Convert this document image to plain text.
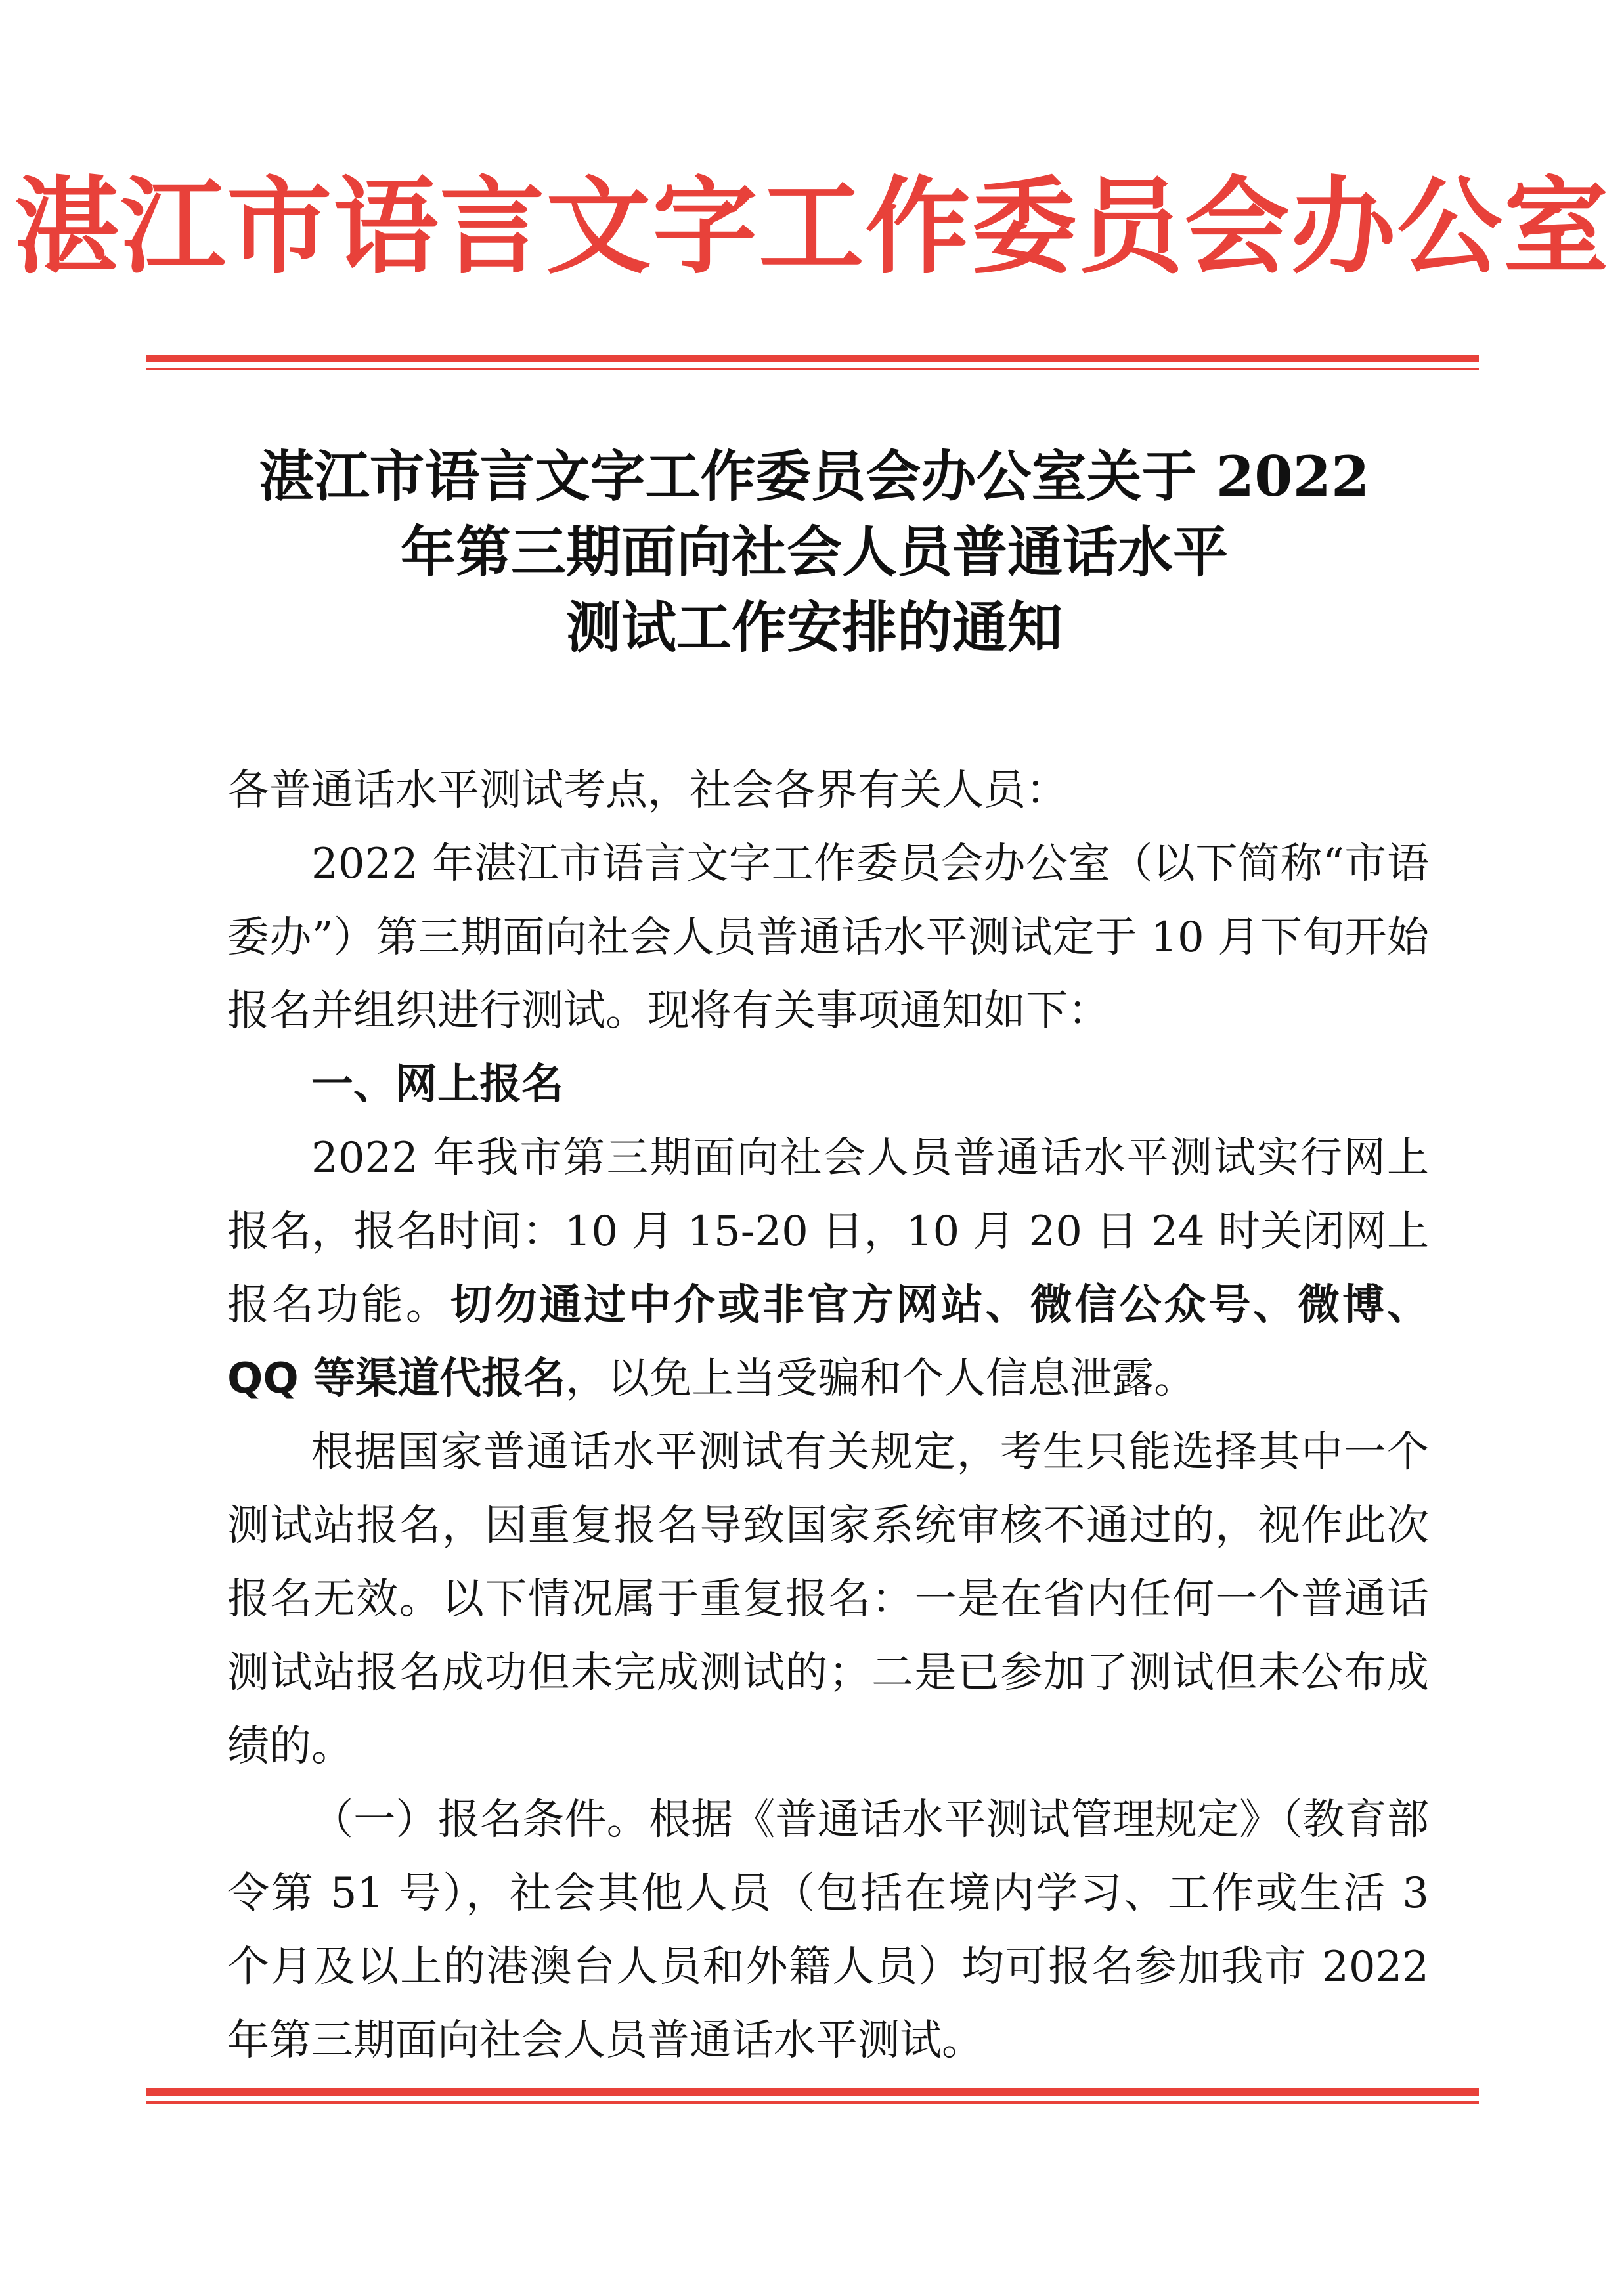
湛江市语言文字工作委员会办公室
湛江市语言文字工作委员会办公室关于 2022
年第三期面向社会人员普通话水平
测试工作安排的通知

各普通话水平测试考点，社会各界有关人员：

2022 年湛江市语言文字工作委员会办公室（以下简称“市语委办”）第三期面向社会人员普通话水平测试定于 10 月下旬开始报名并组织进行测试。现将有关事项通知如下：

一、网上报名

2022 年我市第三期面向社会人员普通话水平测试实行网上报名，报名时间：10 月 15-20 日，10 月 20 日 24 时关闭网上报名功能。切勿通过中介或非官方网站、微信公众号、微博、QQ 等渠道代报名，以免上当受骗和个人信息泄露。

根据国家普通话水平测试有关规定，考生只能选择其中一个测试站报名，因重复报名导致国家系统审核不通过的，视作此次报名无效。以下情况属于重复报名：一是在省内任何一个普通话测试站报名成功但未完成测试的；二是已参加了测试但未公布成绩的。

（一）报名条件。根据《普通话水平测试管理规定》（教育部令第 51 号），社会其他人员（包括在境内学习、工作或生活 3 个月及以上的港澳台人员和外籍人员）均可报名参加我市 2022 年第三期面向社会人员普通话水平测试。
